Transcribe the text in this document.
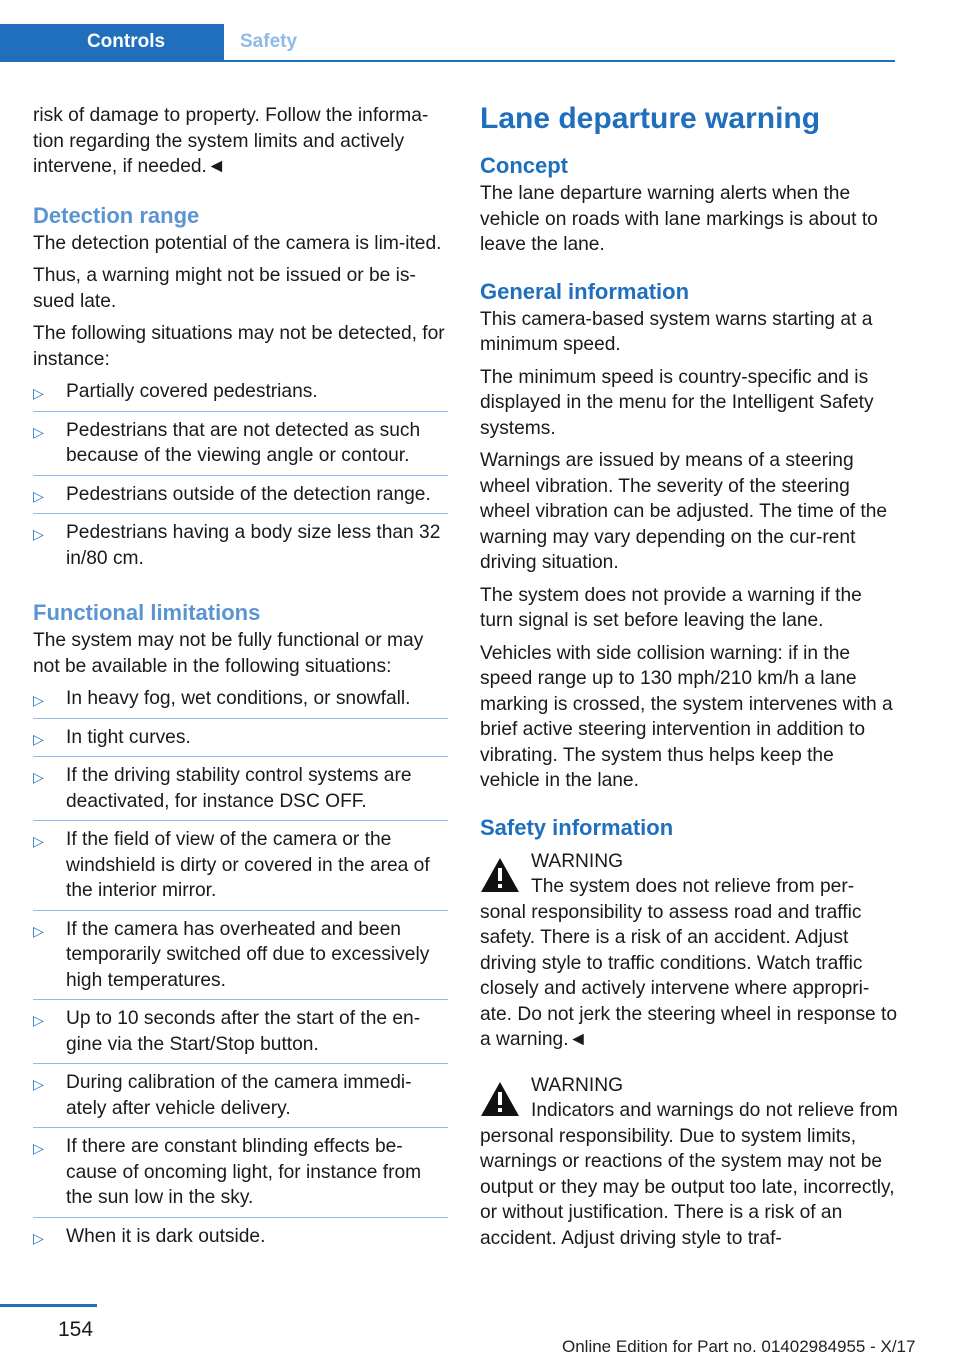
Controls	Safety

risk of damage to property. Follow the informa‐tion regarding the system limits and actively intervene, if needed.◄

Detection range

The detection potential of the camera is lim‐ited.

Thus, a warning might not be issued or be is‐sued late.

The following situations may not be detected, for instance:

▷ Partially covered pedestrians.
▷ Pedestrians that are not detected as such because of the viewing angle or contour.
▷ Pedestrians outside of the detection range.
▷ Pedestrians having a body size less than 32 in/80 cm.
Functional limitations

The system may not be fully functional or may not be available in the following situations:

▷ In heavy fog, wet conditions, or snowfall.
▷ In tight curves.
▷ If the driving stability control systems are deactivated, for instance DSC OFF.
▷ If the field of view of the camera or the windshield is dirty or covered in the area of the interior mirror.
▷ If the camera has overheated and been temporarily switched off due to excessively high temperatures.
▷ Up to 10 seconds after the start of the en‐gine via the Start/Stop button.
▷ During calibration of the camera immedi‐ately after vehicle delivery.
▷ If there are constant blinding effects be‐cause of oncoming light, for instance from the sun low in the sky.
▷ When it is dark outside.
Lane departure warning
Concept

The lane departure warning alerts when the vehicle on roads with lane markings is about to leave the lane.

General information

This camera-based system warns starting at a minimum speed.

The minimum speed is country-specific and is displayed in the menu for the Intelligent Safety systems.

Warnings are issued by means of a steering wheel vibration. The severity of the steering wheel vibration can be adjusted. The time of the warning may vary depending on the cur‐rent driving situation.

The system does not provide a warning if the turn signal is set before leaving the lane.

Vehicles with side collision warning: if in the speed range up to 130 mph/210 km/h a lane marking is crossed, the system intervenes with a brief active steering intervention in addition to vibrating. The system thus helps keep the vehicle in the lane.

Safety information
WARNING
The system does not relieve from per‐sonal responsibility to assess road and traffic safety. There is a risk of an accident. Adjust driving style to traffic conditions. Watch traffic closely and actively intervene where appropri‐ate. Do not jerk the steering wheel in response to a warning.◄
WARNING
Indicators and warnings do not relieve from personal responsibility. Due to system limits, warnings or reactions of the system may not be output or they may be output too late, incorrectly, or without justification. There is a risk of an accident. Adjust driving style to traf‐
154
Online Edition for Part no. 01402984955 - X/17
